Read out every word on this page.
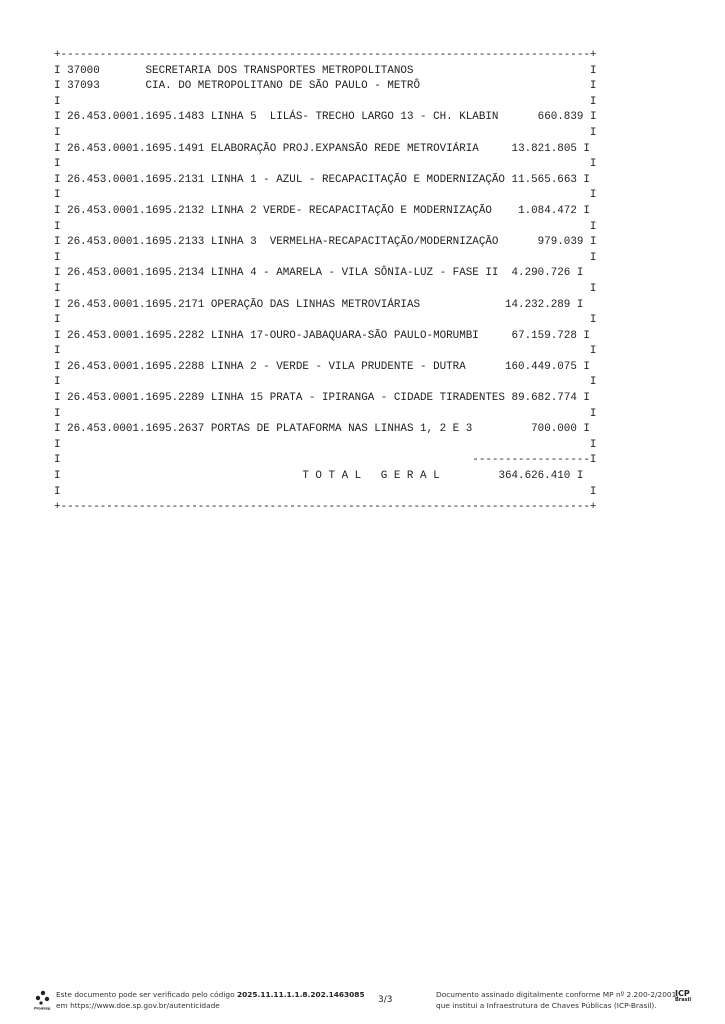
+---------------------------------------------------------------------------------+
I 37000	SECRETARIA DOS TRANSPORTES METROPOLITANOS                           I
I 37093	CIA. DO METROPOLITANO DE SÃO PAULO - METRÔ                          I
I                                                                                 I
I 26.453.0001.1695.1483 LINHA 5  LILÁS- TRECHO LARGO 13 - CH. KLABIN	660.839 I
I                                                                                 I
I 26.453.0001.1695.1491 ELABORAÇÃO PROJ.EXPANSÃO REDE METROVIÁRIA	13.821.805 I
I                                                                                 I
I 26.453.0001.1695.2131 LINHA 1 - AZUL - RECAPACITAÇÃO E MODERNIZAÇÃO 11.565.663 I
I                                                                                 I
I 26.453.0001.1695.2132 LINHA 2 VERDE- RECAPACITAÇÃO E MODERNIZAÇÃO 1.084.472 I
I                                                                                 I
I 26.453.0001.1695.2133 LINHA 3  VERMELHA-RECAPACITAÇÃO/MODERNIZAÇÃO	979.039 I
I                                                                                 I
I 26.453.0001.1695.2134 LINHA 4 - AMARELA - VILA SÔNIA-LUZ - FASE II 4.290.726 I
I                                                                                 I
I 26.453.0001.1695.2171 OPERAÇÃO DAS LINHAS METROVIÁRIAS	14.232.289 I
I                                                                                 I
I 26.453.0001.1695.2282 LINHA 17-OURO-JABAQUARA-SÃO PAULO-MORUMBI	67.159.728 I
I                                                                                 I
I 26.453.0001.1695.2288 LINHA 2 - VERDE - VILA PRUDENTE - DUTRA	160.449.075 I
I                                                                                 I
I 26.453.0001.1695.2289 LINHA 15 PRATA - IPIRANGA - CIDADE TIRADENTES 89.682.774 I
I                                                                                 I
I 26.453.0001.1695.2637 PORTAS DE PLATAFORMA NAS LINHAS 1, 2 E 3	700.000 I
I                                                                                 I
I                                                               ------------------I
I                                     T O T A L   G E R A L	364.626.410 I
I                                                                                 I
+---------------------------------------------------------------------------------+
Prodesp
Este documento pode ser verificado pelo código 2025.11.11.1.1.8.202.1463085
em https://www.doe.sp.gov.br/autenticidade	3/3
Documento assinado digitalmente conforme MP nº 2.200-2/2001,
que institui a Infraestrutura de Chaves Públicas (ICP-Brasil).
ICP
Brasil
